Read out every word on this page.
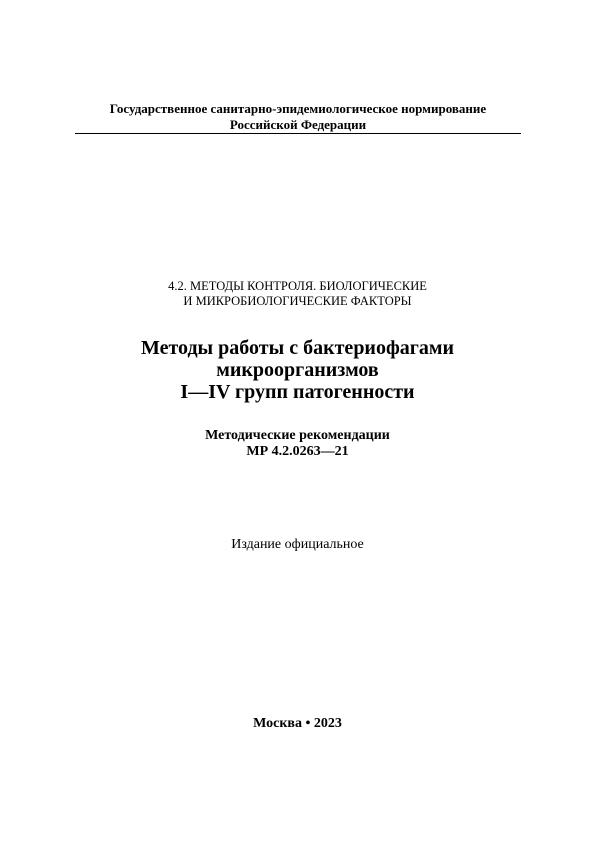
Государственное санитарно-эпидемиологическое нормирование
Российской Федерации
4.2. МЕТОДЫ КОНТРОЛЯ. БИОЛОГИЧЕСКИЕ
И МИКРОБИОЛОГИЧЕСКИЕ ФАКТОРЫ
Методы работы с бактериофагами
микроорганизмов
I—IV групп патогенности
Методические рекомендации
МР 4.2.0263—21
Издание официальное
Москва • 2023
